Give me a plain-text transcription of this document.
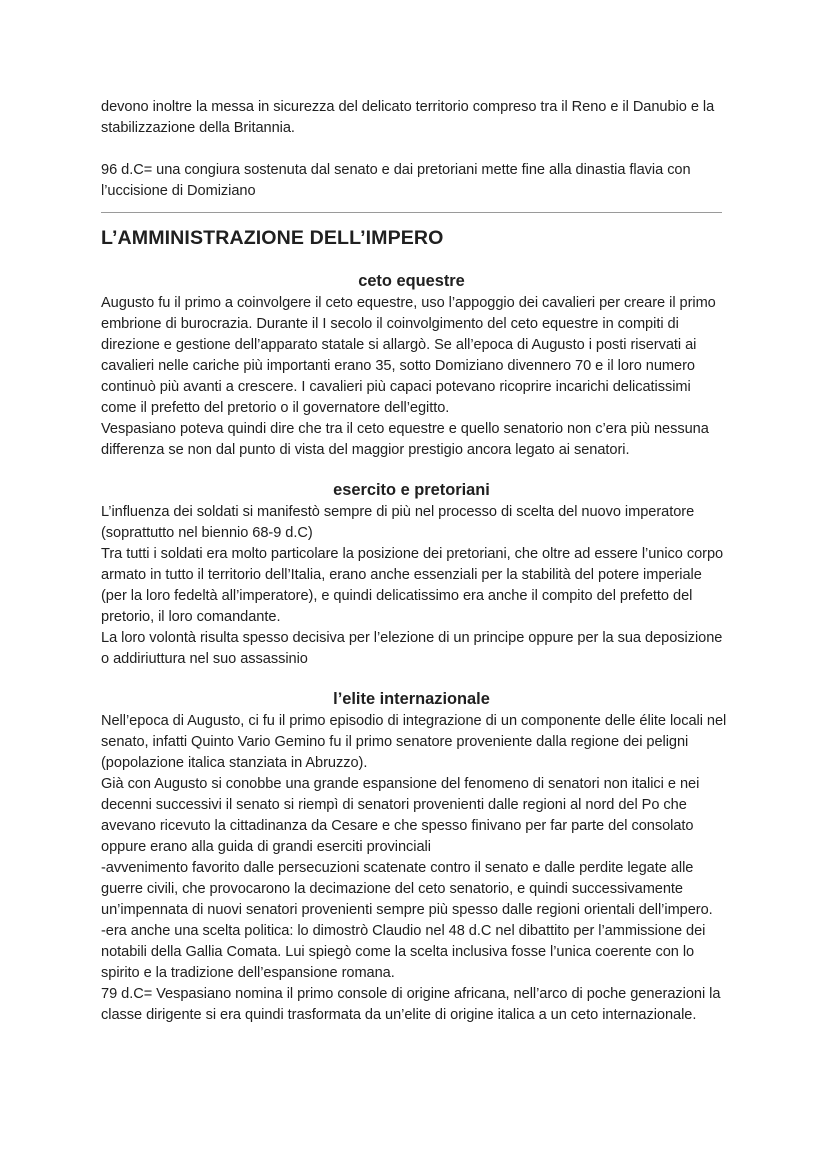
devono inoltre la messa in sicurezza del delicato territorio compreso tra il Reno e il Danubio e la stabilizzazione della Britannia.

96 d.C= una congiura sostenuta dal senato e dai pretoriani mette fine alla dinastia flavia con l’uccisione di Domiziano

L’AMMINISTRAZIONE DELL’IMPERO
ceto equestre

Augusto fu il primo a coinvolgere il ceto equestre, uso l’appoggio dei cavalieri per creare il primo embrione di burocrazia. Durante il I secolo il coinvolgimento del ceto equestre in compiti di direzione e gestione dell’apparato statale si allargò. Se all’epoca di Augusto i posti riservati ai cavalieri nelle cariche più importanti erano 35, sotto Domiziano divennero 70 e il loro numero continuò più avanti a crescere. I cavalieri più capaci potevano ricoprire incarichi delicatissimi come il prefetto del pretorio o il governatore dell’egitto.

Vespasiano poteva quindi dire che tra il ceto equestre e quello senatorio non c’era più nessuna differenza se non dal punto di vista del maggior prestigio ancora legato ai senatori.

esercito e pretoriani

L’influenza dei soldati si manifestò sempre di più nel processo di scelta del nuovo imperatore (soprattutto nel biennio 68-9 d.C)

Tra tutti i soldati era molto particolare la posizione dei pretoriani, che oltre ad essere l’unico corpo armato in tutto il territorio dell’Italia, erano anche essenziali per la stabilità del potere imperiale (per la loro fedeltà all’imperatore), e quindi delicatissimo era anche il compito del prefetto del pretorio, il loro comandante.

La loro volontà risulta spesso decisiva per l’elezione di un principe oppure per la sua deposizione o addiriuttura nel suo assassinio

l’elite internazionale

Nell’epoca di Augusto, ci fu il primo episodio di integrazione di un componente delle élite locali nel senato, infatti Quinto Vario Gemino fu il primo senatore proveniente dalla regione dei peligni (popolazione italica stanziata in Abruzzo).

Già con Augusto si conobbe una grande espansione del fenomeno di senatori non italici e nei decenni successivi il senato si riempì di senatori provenienti dalle regioni al nord del Po che avevano ricevuto la cittadinanza da Cesare e che spesso finivano per far parte del consolato oppure erano alla guida di grandi eserciti provinciali

-avvenimento favorito dalle persecuzioni scatenate contro il senato e dalle perdite legate alle guerre civili, che provocarono la decimazione del ceto senatorio, e quindi successivamente un’impennata di nuovi senatori provenienti sempre più spesso dalle regioni orientali dell’impero.

-era anche una scelta politica: lo dimostrò Claudio nel 48 d.C nel dibattito per l’ammissione dei notabili della Gallia Comata. Lui spiegò come la scelta inclusiva fosse l’unica coerente con lo spirito e la tradizione dell’espansione romana.

79 d.C= Vespasiano nomina il primo console di origine africana, nell’arco di poche generazioni la classe dirigente si era quindi trasformata da un’elite di origine italica a un ceto internazionale.
